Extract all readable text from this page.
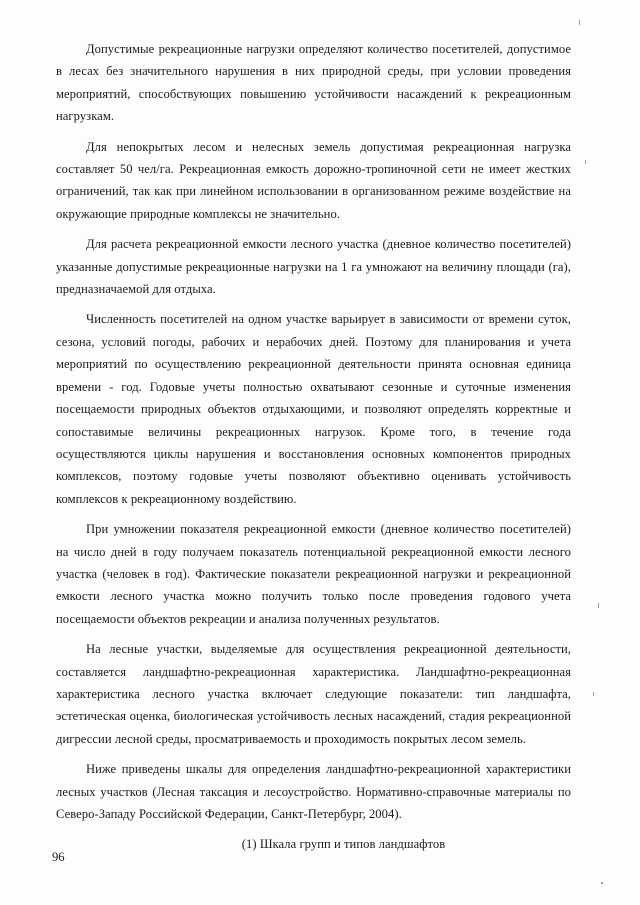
Допустимые рекреационные нагрузки определяют количество посетителей, допустимое в лесах без значительного нарушения в них природной среды, при условии проведения мероприятий, способствующих повышению устойчивости насаждений к рекреационным нагрузкам.

Для непокрытых лесом и нелесных земель допустимая рекреационная нагрузка составляет 50 чел/га. Рекреационная емкость дорожно-тропиночной сети не имеет жестких ограничений, так как при линейном использовании в организованном режиме воздействие на окружающие природные комплексы не значительно.

Для расчета рекреационной емкости лесного участка (дневное количество посетителей) указанные допустимые рекреационные нагрузки на 1 га умножают на величину площади (га), предназначаемой для отдыха.

Численность посетителей на одном участке варьирует в зависимости от времени суток, сезона, условий погоды, рабочих и нерабочих дней. Поэтому для планирования и учета мероприятий по осуществлению рекреационной деятельности принята основная единица времени - год. Годовые учеты полностью охватывают сезонные и суточные изменения посещаемости природных объектов отдыхающими, и позволяют определять корректные и сопоставимые величины рекреационных нагрузок. Кроме того, в течение года осуществляются циклы нарушения и восстановления основных компонентов природных комплексов, поэтому годовые учеты позволяют объективно оценивать устойчивость комплексов к рекреационному воздействию.

При умножении показателя рекреационной емкости (дневное количество посетителей) на число дней в году получаем показатель потенциальной рекреационной емкости лесного участка (человек в год). Фактические показатели рекреационной нагрузки и рекреационной емкости лесного участка можно получить только после проведения годового учета посещаемости объектов рекреации и анализа полученных результатов.

На лесные участки, выделяемые для осуществления рекреационной деятельности, составляется ландшафтно-рекреационная характеристика. Ландшафтно-рекреационная характеристика лесного участка включает следующие показатели: тип ландшафта, эстетическая оценка, биологическая устойчивость лесных насаждений, стадия рекреационной дигрессии лесной среды, просматриваемость и проходимость покрытых лесом земель.

Ниже приведены шкалы для определения ландшафтно-рекреационной характеристики лесных участков (Лесная таксация и лесоустройство. Нормативно-справочные материалы по Северо-Западу Российской Федерации, Санкт-Петербург, 2004).

(1) Шкала групп и типов ландшафтов

96
